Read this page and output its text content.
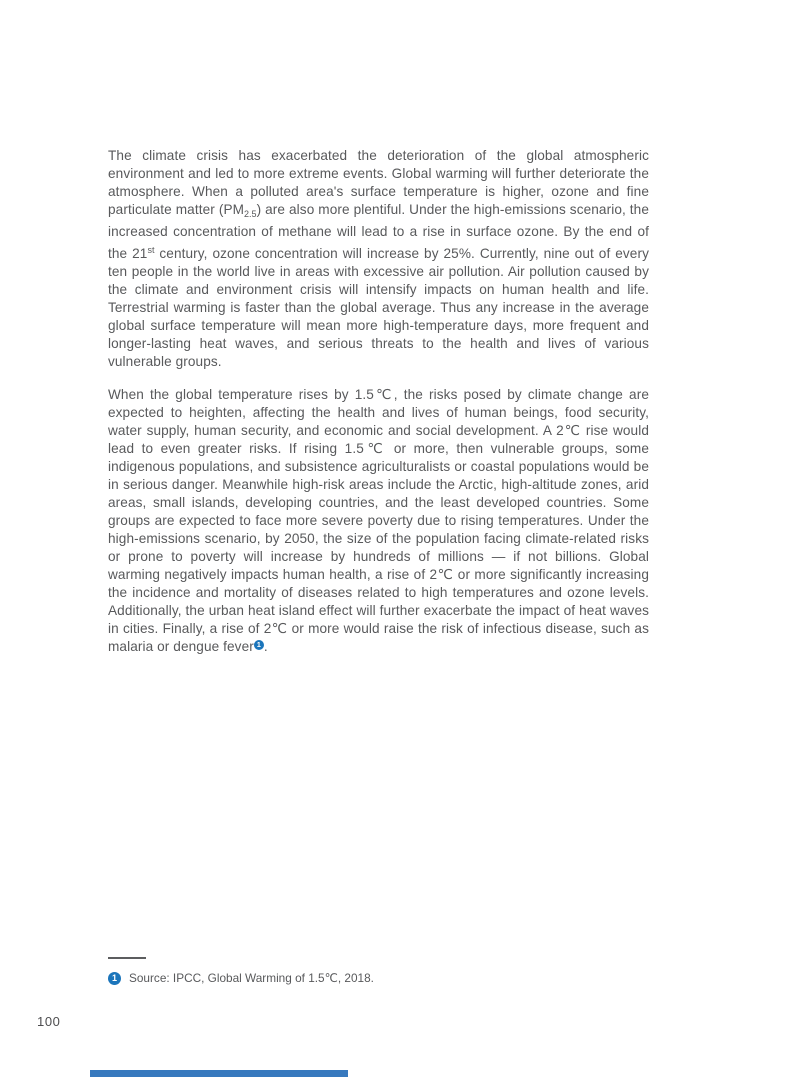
The climate crisis has exacerbated the deterioration of the global atmospheric environment and led to more extreme events. Global warming will further deteriorate the atmosphere. When a polluted area's surface temperature is higher, ozone and fine particulate matter $(PM_{2.5})$ are also more plentiful. Under the high-emissions scenario, the increased concentration of methane will lead to a rise in surface ozone. By the end of the 21st century, ozone concentration will increase by 25%. Currently, nine out of every ten people in the world live in areas with excessive air pollution. Air pollution caused by the climate and environment crisis will intensify impacts on human health and life. Terrestrial warming is faster than the global average. Thus any increase in the average global surface temperature will mean more high-temperature days, more frequent and longer-lasting heat waves, and serious threats to the health and lives of various vulnerable groups.

When the global temperature rises by 1.5℃, the risks posed by climate change are expected to heighten, affecting the health and lives of human beings, food security, water supply, human security, and economic and social development. A 2℃ rise would lead to even greater risks. If rising 1.5℃ or more, then vulnerable groups, some indigenous populations, and subsistence agriculturalists or coastal populations would be in serious danger. Meanwhile high-risk areas include the Arctic, high-altitude zones, arid areas, small islands, developing countries, and the least developed countries. Some groups are expected to face more severe poverty due to rising temperatures. Under the high-emissions scenario, by 2050, the size of the population facing climate-related risks or prone to poverty will increase by hundreds of millions — if not billions. Global warming negatively impacts human health, a rise of 2℃ or more significantly increasing the incidence and mortality of diseases related to high temperatures and ozone levels. Additionally, the urban heat island effect will further exacerbate the impact of heat waves in cities. Finally, a rise of 2℃ or more would raise the risk of infectious disease, such as malaria or dengue fever 1 .

1	Source: IPCC, Global Warming of 1.5℃, 2018.
100
